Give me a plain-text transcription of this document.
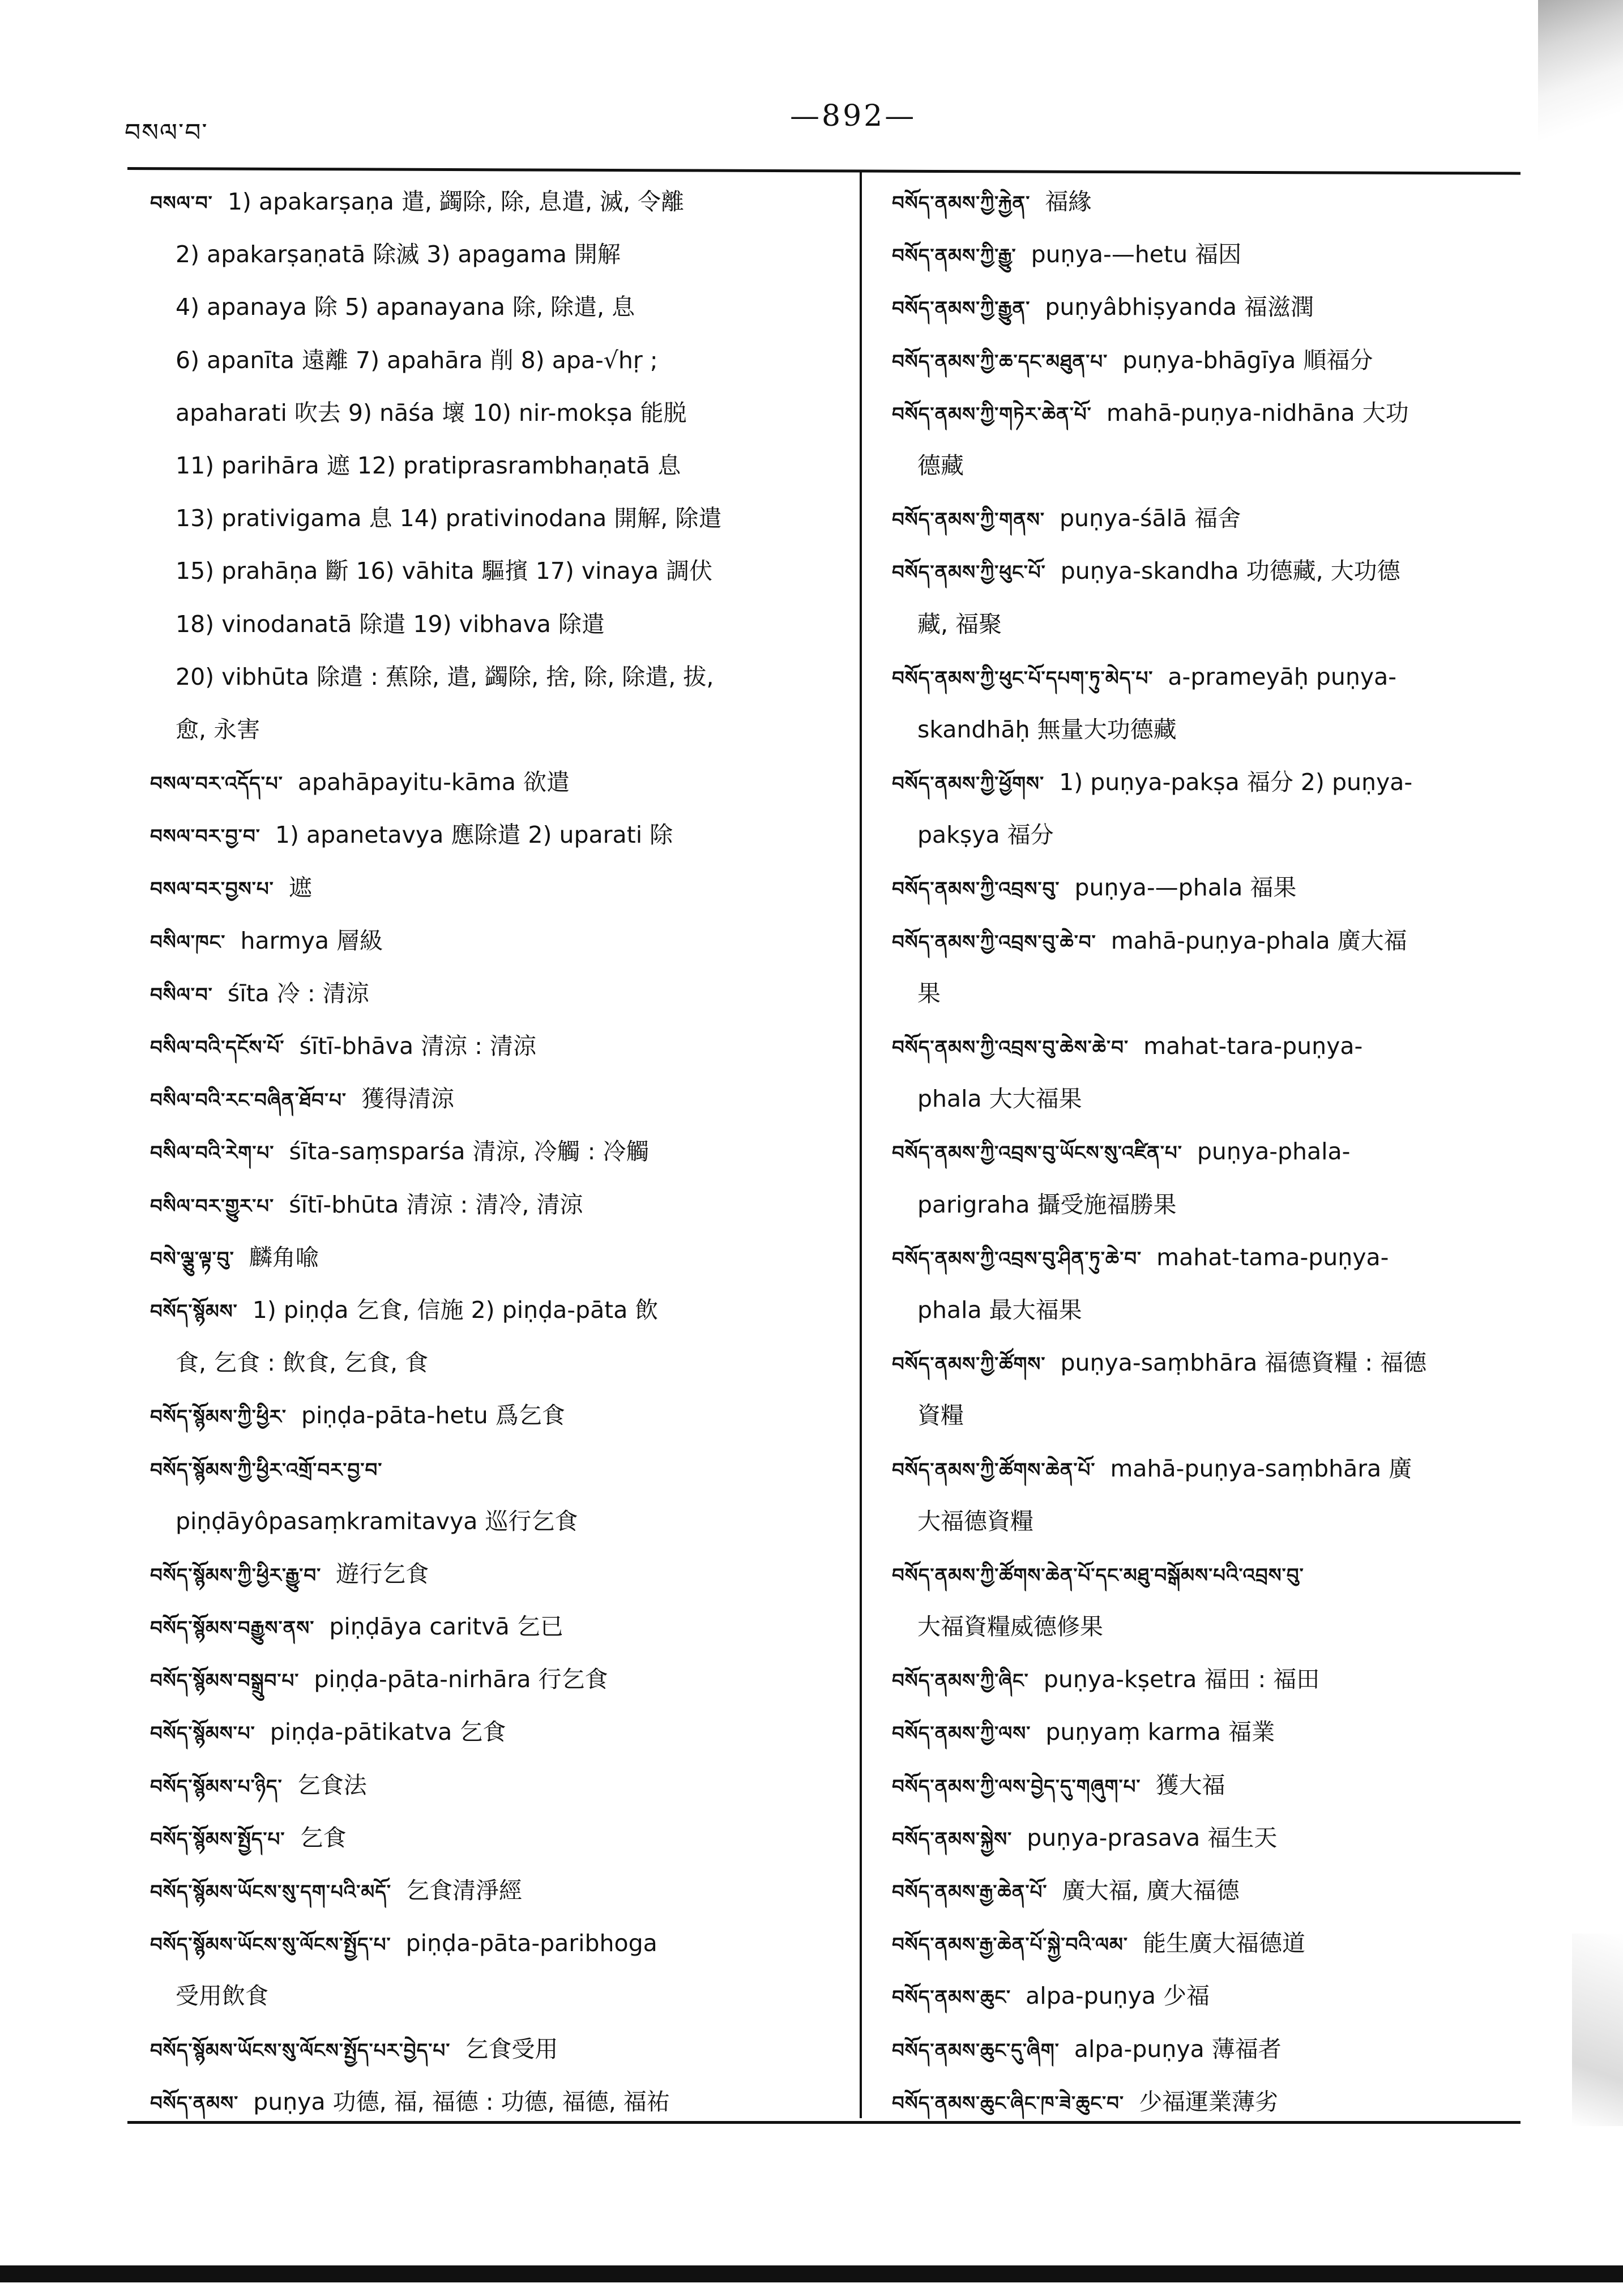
བསལ་བ་	—892—
བསལ་བ་ 1) apakarṣaṇa 遣, 蠲除, 除, 息遣, 滅, 令離
2) apakarṣaṇatā 除滅 3) apagama 開解
4) apanaya 除 5) apanayana 除, 除遣, 息
6) apanīta 遠離 7) apahāra 削 8) apa-√hṛ ;
apaharati 吹去 9) nāśa 壞 10) nir-mokṣa 能脱
11) parihāra 遮 12) pratiprasrambhaṇatā 息
13) prativigama 息 14) prativinodana 開解, 除遣
15) prahāṇa 斷 16) vāhita 驅擯 17) vinaya 調伏
18) vinodanatā 除遣 19) vibhava 除遣
20) vibhūta 除遣 : 蕉除, 遣, 蠲除, 捨, 除, 除遣, 拔,
愈, 永害
བསལ་བར་འདོད་པ་ apahāpayitu-kāma 欲遣
བསལ་བར་བྱ་བ་ 1) apanetavya 應除遣 2) uparati 除
བསལ་བར་བྱས་པ་ 遮
བསིལ་ཁང་ harmya 層級
བསིལ་བ་ śīta 冷 : 清涼
བསིལ་བའི་དངོས་པོ་ śītī-bhāva 清涼 : 清涼
བསིལ་བའི་རང་བཞིན་ཐོབ་པ་ 獲得清涼
བསིལ་བའི་རེག་པ་ śīta-saṃsparśa 清涼, 冷觸 : 冷觸
བསིལ་བར་གྱུར་པ་ śītī-bhūta 清涼 : 清冷, 清涼
བསེ་ལྕུ་ལྟ་བུ་ 麟角喩
བསོད་སྙོམས་ 1) piṇḍa 乞食, 信施 2) piṇḍa-pāta 飲
食, 乞食 : 飲食, 乞食, 食
བསོད་སྙོམས་ཀྱི་ཕྱིར་ piṇḍa-pāta-hetu 爲乞食
བསོད་སྙོམས་ཀྱི་ཕྱིར་འགྲོ་བར་བྱ་བ་
piṇḍāyôpasaṃkramitavya 巡行乞食
བསོད་སྙོམས་ཀྱི་ཕྱིར་རྒྱུ་བ་ 遊行乞食
བསོད་སྙོམས་བརྒྱུས་ནས་ piṇḍāya caritvā 乞已
བསོད་སྙོམས་བསྒྲུབ་པ་ piṇḍa-pāta-nirhāra 行乞食
བསོད་སྙོམས་པ་ piṇḍa-pātikatva 乞食
བསོད་སྙོམས་པ་ཉིད་ 乞食法
བསོད་སྙོམས་སྤྱོད་པ་ 乞食
བསོད་སྙོམས་ཡོངས་སུ་དག་པའི་མདོ་ 乞食清淨經
བསོད་སྙོམས་ཡོངས་སུ་ལོངས་སྤྱོད་པ་ piṇḍa-pāta-paribhoga
受用飲食
བསོད་སྙོམས་ཡོངས་སུ་ལོངས་སྤྱོད་པར་བྱེད་པ་ 乞食受用
བསོད་ནམས་ puṇya 功德, 福, 福德 : 功德, 福德, 福祐
བསོད་ནམས་ཀྱི་རྐྱེན་ 福緣
བསོད་ནམས་ཀྱི་རྒྱུ་ puṇya-—hetu 福因
བསོད་ནམས་ཀྱི་རྒྱུན་ puṇyâbhiṣyanda 福滋潤
བསོད་ནམས་ཀྱི་ཆ་དང་མཐུན་པ་ puṇya-bhāgīya 順福分
བསོད་ནམས་ཀྱི་གཏེར་ཆེན་པོ་ mahā-puṇya-nidhāna 大功
德藏
བསོད་ནམས་ཀྱི་གནས་ puṇya-śālā 福舍
བསོད་ནམས་ཀྱི་ཕུང་པོ་ puṇya-skandha 功德藏, 大功德
藏, 福聚
བསོད་ནམས་ཀྱི་ཕུང་པོ་དཔག་ཏུ་མེད་པ་ a-prameyāḥ puṇya-
skandhāḥ 無量大功德藏
བསོད་ནམས་ཀྱི་ཕྱོགས་ 1) puṇya-pakṣa 福分 2) puṇya-
pakṣya 福分
བསོད་ནམས་ཀྱི་འབྲས་བུ་ puṇya-—phala 福果
བསོད་ནམས་ཀྱི་འབྲས་བུ་ཆེ་བ་ mahā-puṇya-phala 廣大福
果
བསོད་ནམས་ཀྱི་འབྲས་བུ་ཆེས་ཆེ་བ་ mahat-tara-puṇya-
phala 大大福果
བསོད་ནམས་ཀྱི་འབྲས་བུ་ཡོངས་སུ་འཛིན་པ་ puṇya-phala-
parigraha 攝受施福勝果
བསོད་ནམས་ཀྱི་འབྲས་བུ་ཤིན་ཏུ་ཆེ་བ་ mahat-tama-puṇya-
phala 最大福果
བསོད་ནམས་ཀྱི་ཚོགས་ puṇya-saṃbhāra 福德資糧 : 福德
資糧
བསོད་ནམས་ཀྱི་ཚོགས་ཆེན་པོ་ mahā-puṇya-saṃbhāra 廣
大福德資糧
བསོད་ནམས་ཀྱི་ཚོགས་ཆེན་པོ་དང་མཐུ་བསྒོམས་པའི་འབྲས་བུ་
大福資糧威德修果
བསོད་ནམས་ཀྱི་ཞིང་ puṇya-kṣetra 福田 : 福田
བསོད་ནམས་ཀྱི་ལས་ puṇyaṃ karma 福業
བསོད་ནམས་ཀྱི་ལས་བྱེད་དུ་གཞུག་པ་ 獲大福
བསོད་ནམས་སྐྱེས་ puṇya-prasava 福生天
བསོད་ནམས་རྒྱ་ཆེན་པོ་ 廣大福, 廣大福德
བསོད་ནམས་རྒྱ་ཆེན་པོ་སྐྱེ་བའི་ལམ་ 能生廣大福德道
བསོད་ནམས་ཆུང་ alpa-puṇya 少福
བསོད་ནམས་ཆུང་དུ་ཞིག་ alpa-puṇya 薄福者
བསོད་ནམས་ཆུང་ཞིང་ཁ་ཟེ་ཆུང་བ་ 少福運業薄劣
